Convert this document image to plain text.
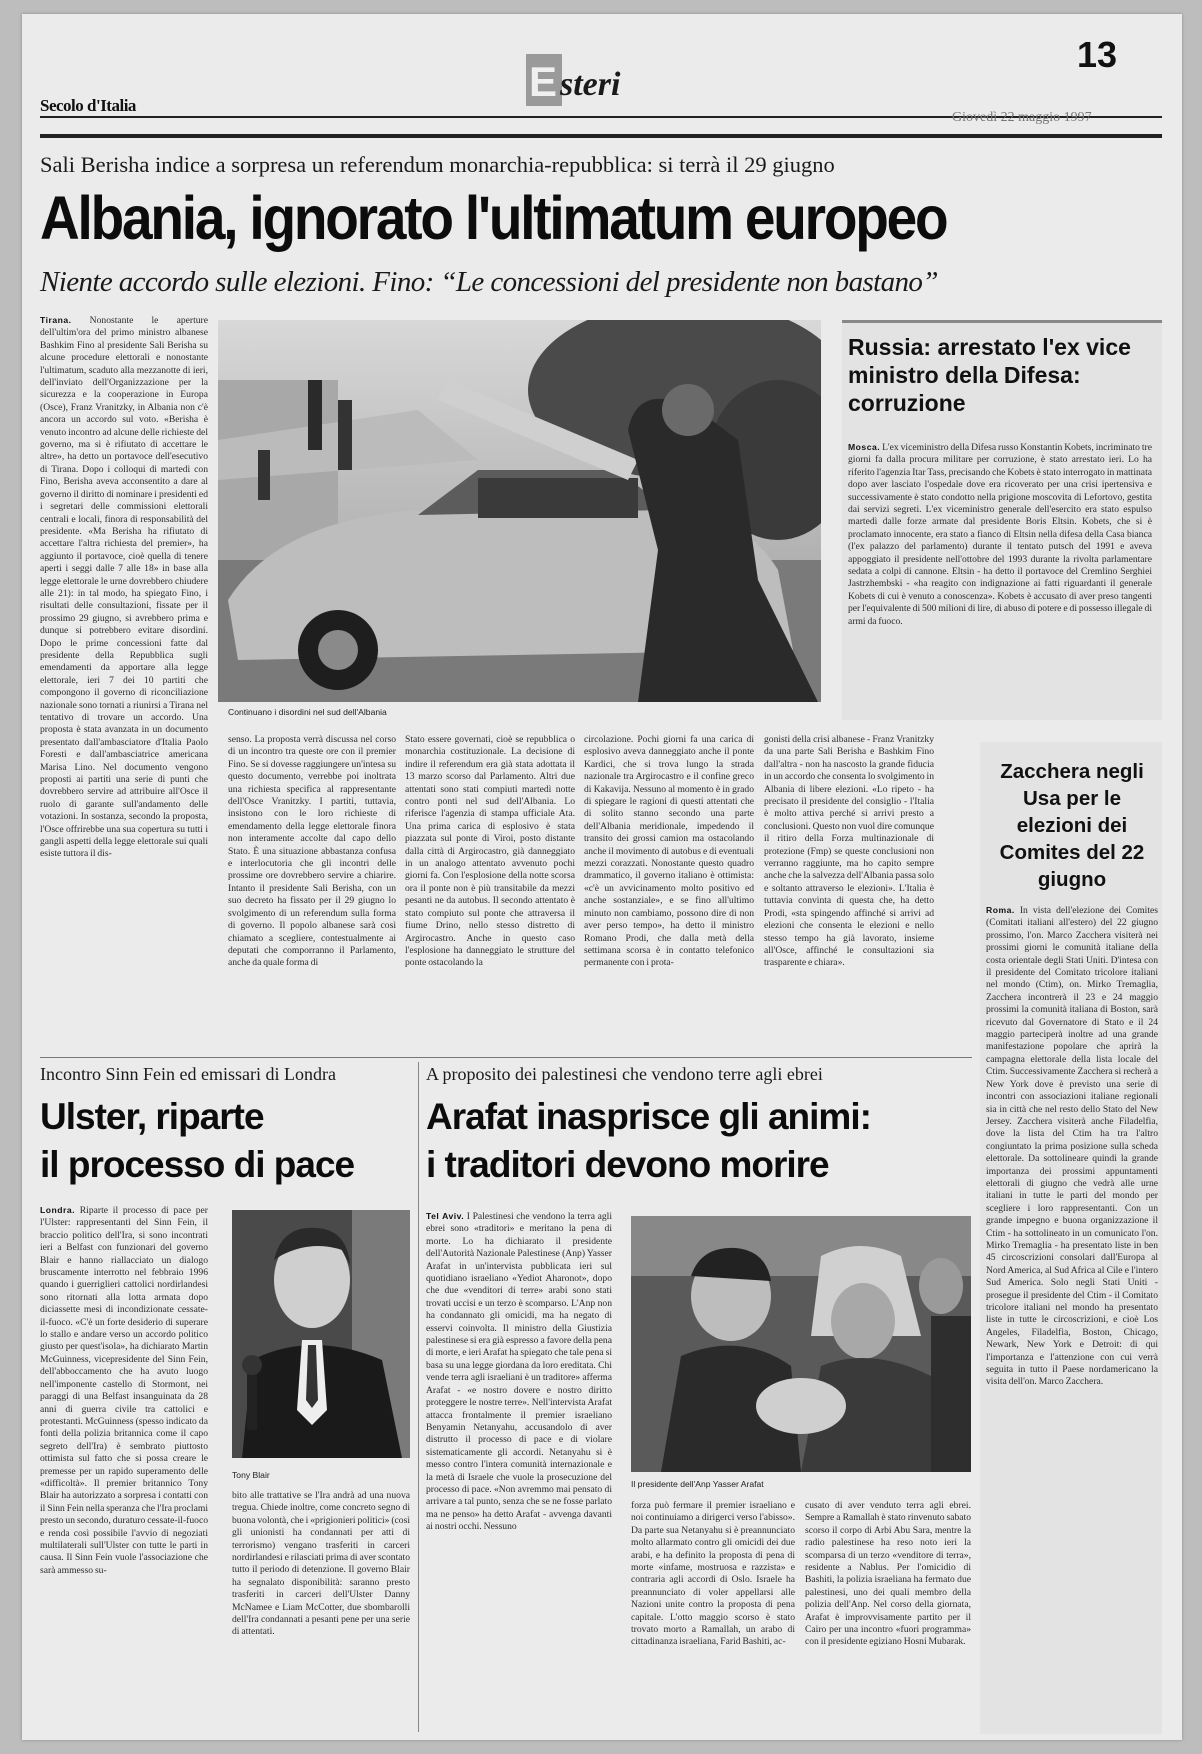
E steri
13
Secolo d'Italia
Giovedì 22 maggio 1997
Sali Berisha indice a sorpresa un referendum monarchia-repubblica: si terrà il 29 giugno
Albania, ignorato l'ultimatum europeo
Niente accordo sulle elezioni. Fino: “Le concessioni del presidente non bastano”
Tirana. Nonostante le aperture dell'ultim'ora del primo ministro albanese Bashkim Fino al presidente Sali Berisha su alcune procedure elettorali e nonostante l'ultimatum, scaduto alla mezzanotte di ieri, dell'inviato dell'Organizzazione per la sicurezza e la cooperazione in Europa (Osce), Franz Vranitzky, in Albania non c'è ancora un accordo sul voto. «Berisha è venuto incontro ad alcune delle richieste del governo, ma si è rifiutato di accettare le altre», ha detto un portavoce dell'esecutivo di Tirana. Dopo i colloqui di martedì con Fino, Berisha aveva acconsentito a dare al governo il diritto di nominare i presidenti ed i segretari delle commissioni elettorali centrali e locali, finora di responsabilità del presidente. «Ma Berisha ha rifiutato di accettare l'altra richiesta del premier», ha aggiunto il portavoce, cioè quella di tenere aperti i seggi dalle 7 alle 18» in base alla legge elettorale le urne dovrebbero chiudere alle 21): in tal modo, ha spiegato Fino, i risultati delle consultazioni, fissate per il prossimo 29 giugno, si avrebbero prima e dunque si potrebbero evitare disordini. Dopo le prime concessioni fatte dal presidente della Repubblica sugli emendamenti da apportare alla legge elettorale, ieri 7 dei 10 partiti che compongono il governo di riconciliazione nazionale sono tornati a riunirsi a Tirana nel tentativo di trovare un accordo. Una proposta è stata avanzata in un documento presentato dall'ambasciatore d'Italia Paolo Foresti e dall'ambasciatrice americana Marisa Lino. Nel documento vengono proposti ai partiti una serie di punti che dovrebbero servire ad attribuire all'Osce il ruolo di garante sull'andamento delle votazioni. In sostanza, secondo la proposta, l'Osce offrirebbe una sua copertura su tutti i gangli aspetti della legge elettorale sui quali esiste tuttora il dis-
Continuano i disordini nel sud dell'Albania
senso. La proposta verrà discussa nel corso di un incontro tra queste ore con il premier Fino. Se si dovesse raggiungere un'intesa su questo documento, verrebbe poi inoltrata una richiesta specifica al rappresentante dell'Osce Vranitzky. I partiti, tuttavia, insistono con le loro richieste di emendamento della legge elettorale finora non interamente accolte dal capo dello Stato. È una situazione abbastanza confusa e interlocutoria che gli incontri delle prossime ore dovrebbero servire a chiarire. Intanto il presidente Sali Berisha, con un suo decreto ha fissato per il 29 giugno lo svolgimento di un referendum sulla forma di governo. Il popolo albanese sarà così chiamato a scegliere, contestualmente ai deputati che comporranno il Parlamento, anche da quale forma di
Stato essere governati, cioè se repubblica o monarchia costituzionale. La decisione di indire il referendum era già stata adottata il 13 marzo scorso dal Parlamento. Altri due attentati sono stati compiuti martedì notte contro ponti nel sud dell'Albania. Lo riferisce l'agenzia di stampa ufficiale Ata. Una prima carica di esplosivo è stata piazzata sul ponte di Viroi, posto distante dalla città di Argirocastro, già danneggiato in un analogo attentato avvenuto pochi giorni fa. Con l'esplosione della notte scorsa ora il ponte non è più transitabile da mezzi pesanti ne da autobus. Il secondo attentato è stato compiuto sul ponte che attraversa il fiume Drino, nello stesso distretto di Argirocastro. Anche in questo caso l'esplosione ha danneggiato le strutture del ponte ostacolando la
circolazione. Pochi giorni fa una carica di esplosivo aveva danneggiato anche il ponte Kardici, che si trova lungo la strada nazionale tra Argirocastro e il confine greco di Kakavija. Nessuno al momento è in grado di spiegare le ragioni di questi attentati che di solito stanno secondo una parte dell'Albania meridionale, impedendo il transito dei grossi camion ma ostacolando anche il movimento di autobus e di eventuali mezzi corazzati. Nonostante questo quadro drammatico, il governo italiano è ottimista: «c'è un avvicinamento molto positivo ed anche sostanziale», e se fino all'ultimo minuto non cambiamo, possono dire di non aver perso tempo», ha detto il ministro Romano Prodi, che dalla metà della settimana scorsa è in contatto telefonico permanente con i prota-
gonisti della crisi albanese - Franz Vranitzky da una parte Sali Berisha e Bashkim Fino dall'altra - non ha nascosto la grande fiducia in un accordo che consenta lo svolgimento in Albania di libere elezioni. «Lo ripeto - ha precisato il presidente del consiglio - l'Italia è molto attiva perché si arrivi presto a conclusioni. Questo non vuol dire comunque il ritiro della Forza multinazionale di protezione (Fmp) se queste conclusioni non verranno raggiunte, ma ho capito sempre anche che la salvezza dell'Albania passa solo e soltanto attraverso le elezioni». L'Italia è tuttavia convinta di questa che, ha detto Prodi, «sta spingendo affinché si arrivi ad elezioni che consenta le elezioni e nello stesso tempo ha già lavorato, insieme all'Osce, affinché le consultazioni sia trasparente e chiara».
Russia: arrestato l'ex vice ministro della Difesa: corruzione
Mosca. L'ex viceministro della Difesa russo Konstantin Kobets, incriminato tre giorni fa dalla procura militare per corruzione, è stato arrestato ieri. Lo ha riferito l'agenzia Itar Tass, precisando che Kobets è stato interrogato in mattinata dopo aver lasciato l'ospedale dove era ricoverato per una crisi ipertensiva e successivamente è stato condotto nella prigione moscovita di Lefortovo, gestita dai servizi segreti. L'ex viceministro generale dell'esercito era stato espulso martedì dalle forze armate dal presidente Boris Eltsin. Kobets, che si è proclamato innocente, era stato a fianco di Eltsin nella difesa della Casa bianca (l'ex palazzo del parlamento) durante il tentato putsch del 1991 e aveva appoggiato il presidente nell'ottobre del 1993 durante la rivolta parlamentare sedata a colpi di cannone. Eltsin - ha detto il portavoce del Cremlino Serghiei Jastrzhembski - «ha reagito con indignazione ai fatti riguardanti il generale Kobets di cui è venuto a conoscenza». Kobets è accusato di aver preso tangenti per l'equivalente di 500 milioni di lire, di abuso di potere e di possesso illegale di armi da fuoco.
Zacchera negli Usa per le elezioni dei Comites del 22 giugno
Roma. In vista dell'elezione dei Comites (Comitati italiani all'estero) del 22 giugno prossimo, l'on. Marco Zacchera visiterà nei prossimi giorni le comunità italiane della costa orientale degli Stati Uniti. D'intesa con il presidente del Comitato tricolore italiani nel mondo (Ctim), on. Mirko Tremaglia, Zacchera incontrerà il 23 e 24 maggio prossimi la comunità italiana di Boston, sarà ricevuto dal Governatore di Stato e il 24 maggio parteciperà inoltre ad una grande manifestazione popolare che aprirà la campagna elettorale della lista locale del Ctim. Successivamente Zacchera si recherà a New York dove è previsto una serie di incontri con associazioni italiane regionali sia in città che nel resto dello Stato del New Jersey. Zacchera visiterà anche Filadelfia, dove la lista del Ctim ha tra l'altro congiuntato la prima posizione sulla scheda elettorale. Da sottolineare quindi la grande importanza dei prossimi appuntamenti elettorali di giugno che vedrà alle urne italiani in tutte le parti del mondo per scegliere i loro rappresentanti. Con un grande impegno e buona organizzazione il Ctim - ha sottolineato in un comunicato l'on. Mirko Tremaglia - ha presentato liste in ben 45 circoscrizioni consolari dall'Europa al Nord America, al Sud Africa al Cile e l'intero Sud America. Solo negli Stati Uniti - prosegue il presidente del Ctim - il Comitato tricolore italiani nel mondo ha presentato liste in tutte le circoscrizioni, e cioè Los Angeles, Filadelfia, Boston, Chicago, Newark, New York e Detroit: di qui l'importanza e l'attenzione con cui verrà seguita in tutto il Paese nordamericano la visita dell'on. Marco Zacchera.
Incontro Sinn Fein ed emissari di Londra
Ulster, riparte
il processo di pace
Londra. Riparte il processo di pace per l'Ulster: rappresentanti del Sinn Fein, il braccio politico dell'Ira, si sono incontrati ieri a Belfast con funzionari del governo Blair e hanno riallacciato un dialogo bruscamente interrotto nel febbraio 1996 quando i guerriglieri cattolici nordirlandesi sono ritornati alla lotta armata dopo diciassette mesi di incondizionate cessate-il-fuoco. «C'è un forte desiderio di superare lo stallo e andare verso un accordo politico giusto per quest'isola», ha dichiarato Martin McGuinness, vicepresidente del Sinn Fein, dell'abboccamento che ha avuto luogo nell'imponente castello di Stormont, nei paraggi di una Belfast insanguinata da 28 anni di guerra civile tra cattolici e protestanti. McGuinness (spesso indicato da fonti della polizia britannica come il capo segreto dell'Ira) è sembrato piuttosto ottimista sul fatto che si possa creare le premesse per un rapido superamento delle «difficoltà». Il premier britannico Tony Blair ha autorizzato a sorpresa i contatti con il Sinn Fein nella speranza che l'Ira proclami presto un secondo, duraturo cessate-il-fuoco e renda così possibile l'avvio di negoziati multilaterali sull'Ulster con tutte le parti in causa. Il Sinn Fein vuole l'associazione che sarà ammesso su-
Tony Blair
bito alle trattative se l'Ira andrà ad una nuova tregua. Chiede inoltre, come concreto segno di buona volontà, che i «prigionieri politici» (così gli unionisti ha condannati per atti di terrorismo) vengano trasferiti in carceri nordirlandesi e rilasciati prima di aver scontato tutto il periodo di detenzione. Il governo Blair ha segnalato disponibilità: saranno presto trasferiti in carceri dell'Ulster Danny McNamee e Liam McCotter, due sbombarolli dell'Ira condannati a pesanti pene per una serie di attentati.
A proposito dei palestinesi che vendono terre agli ebrei
Arafat inasprisce gli animi:
i traditori devono morire
Tel Aviv. I Palestinesi che vendono la terra agli ebrei sono «traditori» e meritano la pena di morte. Lo ha dichiarato il presidente dell'Autorità Nazionale Palestinese (Anp) Yasser Arafat in un'intervista pubblicata ieri sul quotidiano israeliano «Yediot Aharonot», dopo che due «venditori di terre» arabi sono stati trovati uccisi e un terzo è scomparso. L'Anp non ha condannato gli omicidi, ma ha negato di esservi coinvolta. Il ministro della Giustizia palestinese si era già espresso a favore della pena di morte, e ieri Arafat ha spiegato che tale pena si basa su una legge giordana da loro ereditata. Chi vende terra agli israeliani è un traditore» afferma Arafat - «e nostro dovere e nostro diritto proteggere le nostre terre». Nell'intervista Arafat attacca frontalmente il premier israeliano Benyamin Netanyahu, accusandolo di aver distrutto il processo di pace e di violare sistematicamente gli accordi. Netanyahu si è messo contro l'intera comunità internazionale e la metà di Israele che vuole la prosecuzione del processo di pace. «Non avremmo mai pensato di arrivare a tal punto, senza che se ne fosse parlato ma ne penso» ha detto Arafat - avvenga davanti ai nostri occhi. Nessuno
Il presidente dell'Anp Yasser Arafat
forza può fermare il premier israeliano e noi continuiamo a dirigerci verso l'abisso». Da parte sua Netanyahu si è preannunciato molto allarmato contro gli omicidi dei due arabi, e ha definito la proposta di pena di morte «infame, mostruosa e razzista» e contraria agli accordi di Oslo. Israele ha preannunciato di voler appellarsi alle Nazioni unite contro la proposta di pena capitale. L'otto maggio scorso è stato trovato morto a Ramallah, un arabo di cittadinanza israeliana, Farid Bashiti, ac-
cusato di aver venduto terra agli ebrei. Sempre a Ramallah è stato rinvenuto sabato scorso il corpo di Arbi Abu Sara, mentre la radio palestinese ha reso noto ieri la scomparsa di un terzo «venditore di terra», residente a Nablus. Per l'omicidio di Bashiti, la polizia israeliana ha fermato due palestinesi, uno dei quali membro della polizia dell'Anp. Nel corso della giornata, Arafat è improvvisamente partito per il Cairo per una incontro «fuori programma» con il presidente egiziano Hosni Mubarak.
